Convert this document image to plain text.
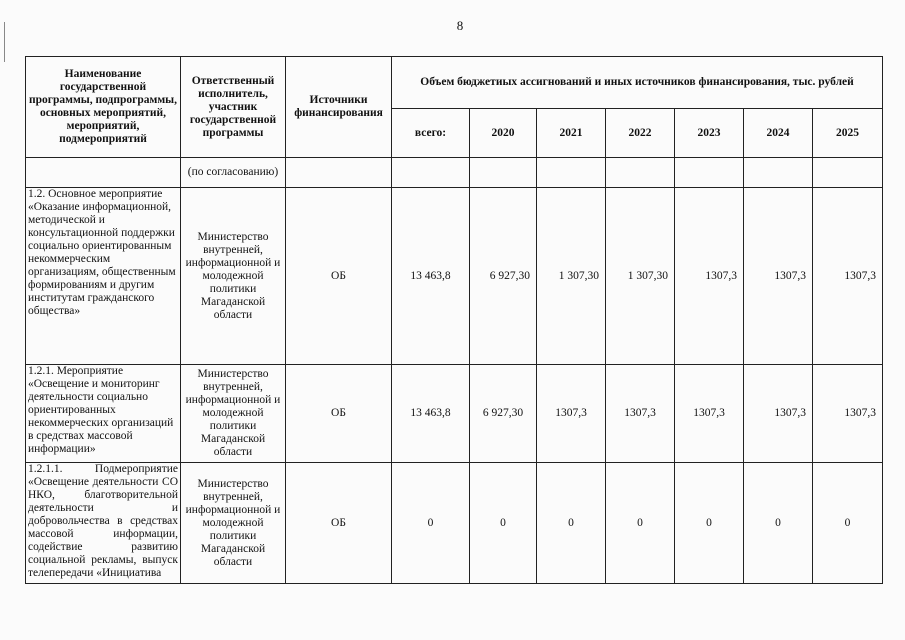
8
Наименование государственной программы, подпрограммы, основных мероприятий, мероприятий, подмероприятий	Ответственный исполнитель, участник государственной программы	Источники финансирования	Объем бюджетиых ассигнований и иных источников финансирования, тыс. рублей						
			всего:	2020	2021	2022	2023	2024	2025
	(по согласованию)								
1.2. Основное мероприятие «Оказание информационной, методической и консультационной поддержки социально ориентированным некоммерческим организациям, общественным формированиям и другим институтам гражданского общества»	Министерство внутренней, информационной и молодежной политики Магаданской области	ОБ	13 463,8	6 927,30	1 307,30	1 307,30	1307,3	1307,3	1307,3
1.2.1. Мероприятие «Освещение и мониторинг деятельности социально ориентированных некоммерческих организаций в средствах массовой информации»	Министерство внутренней, информационной и молодежной политики Магаданской области	ОБ	13 463,8	6 927,30	1307,3	1307,3	1307,3	1307,3	1307,3
1.2.1.1. Подмероприятие «Освещение деятельности СО НКО, благотворительной деятельности и добровольчества в средствах массовой информации, содействие развитию социальной рекламы, выпуск телепередачи «Инициатива	Министерство внутренней, информационной и молодежной политики Магаданской области	ОБ	0	0	0	0	0	0	0
